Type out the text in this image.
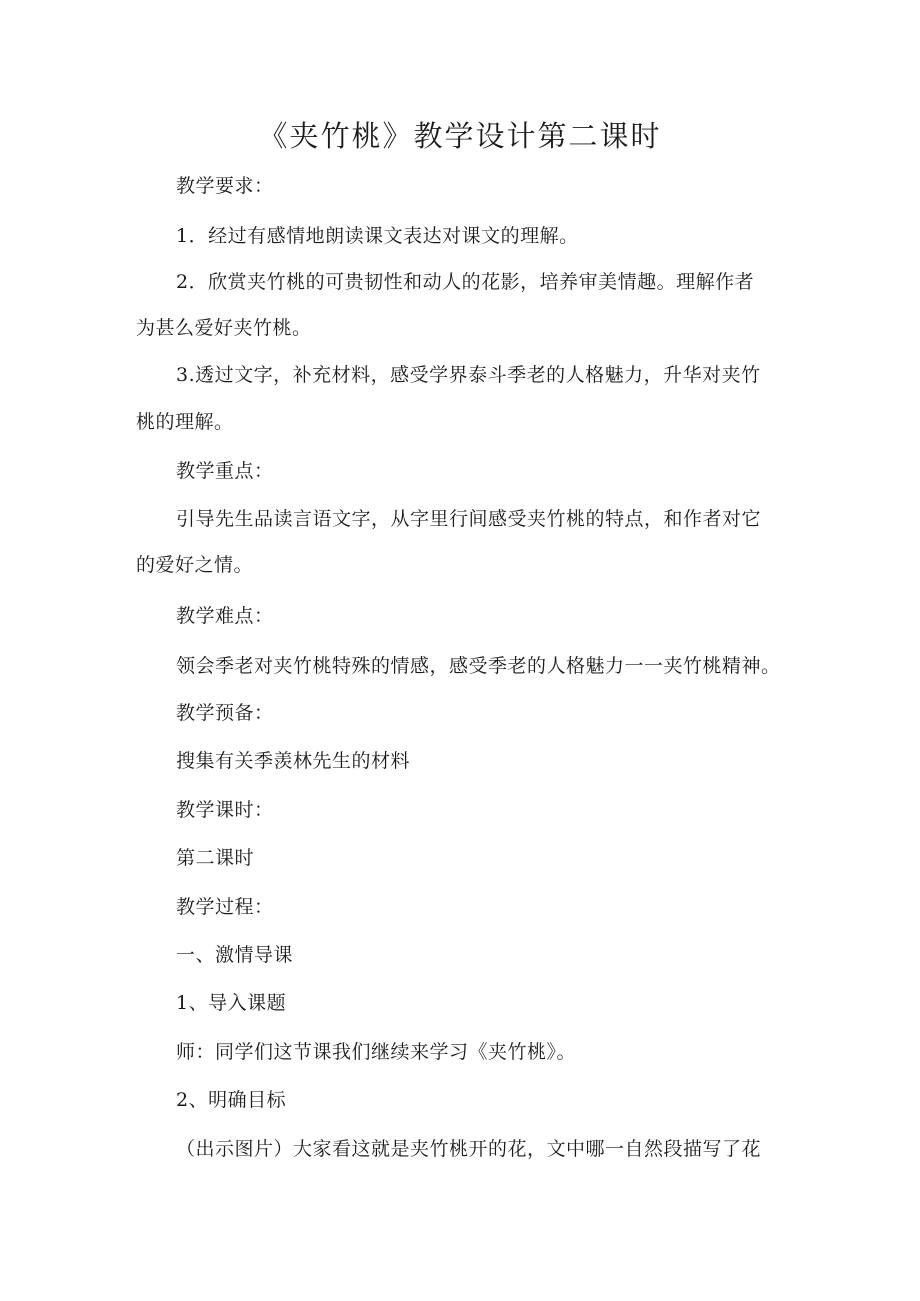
《夹竹桃》教学设计第二课时
教学要求：
1．经过有感情地朗读课文表达对课文的理解。
2．欣赏夹竹桃的可贵韧性和动人的花影，培养审美情趣。理解作者
为甚么爱好夹竹桃。
3.透过文字，补充材料，感受学界泰斗季老的人格魅力，升华对夹竹
桃的理解。
教学重点：
引导先生品读言语文字，从字里行间感受夹竹桃的特点，和作者对它
的爱好之情。
教学难点：
领会季老对夹竹桃特殊的情感，感受季老的人格魅力一一夹竹桃精神。
教学预备：
搜集有关季羡林先生的材料
教学课时：
第二课时
教学过程：
一、激情导课
1、导入课题
师：同学们这节课我们继续来学习《夹竹桃》。
2、明确目标
（出示图片）大家看这就是夹竹桃开的花，文中哪一自然段描写了花
